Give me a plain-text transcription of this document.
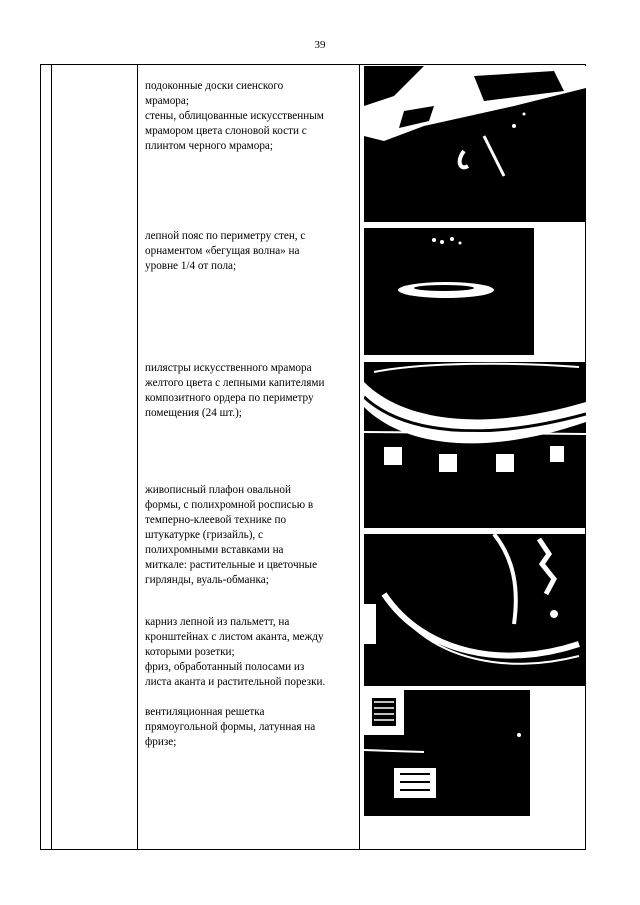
39
подоконные доски сиенского
мрамора;
стены, облицованные искусственным
мрамором цвета слоновой кости с
плинтом черного мрамора;
лепной пояс по периметру стен, с
орнаментом «бегущая волна» на
уровне 1/4 от пола;
пилястры искусственного мрамора
желтого цвета с лепными капителями
композитного ордера по периметру
помещения (24 шт.);
живописный плафон овальной
формы, с полихромной росписью в
темперно-клеевой технике по
штукатурке (гризайль), с
полихромными вставками на
миткале: растительные и цветочные
гирлянды, вуаль-обманка;
карниз лепной из пальметт, на
кронштейнах с листом аканта, между
которыми розетки;
фриз, обработанный полосами из
листа аканта и растительной порезки.
вентиляционная решетка
прямоугольной формы, латунная на
фризе;
